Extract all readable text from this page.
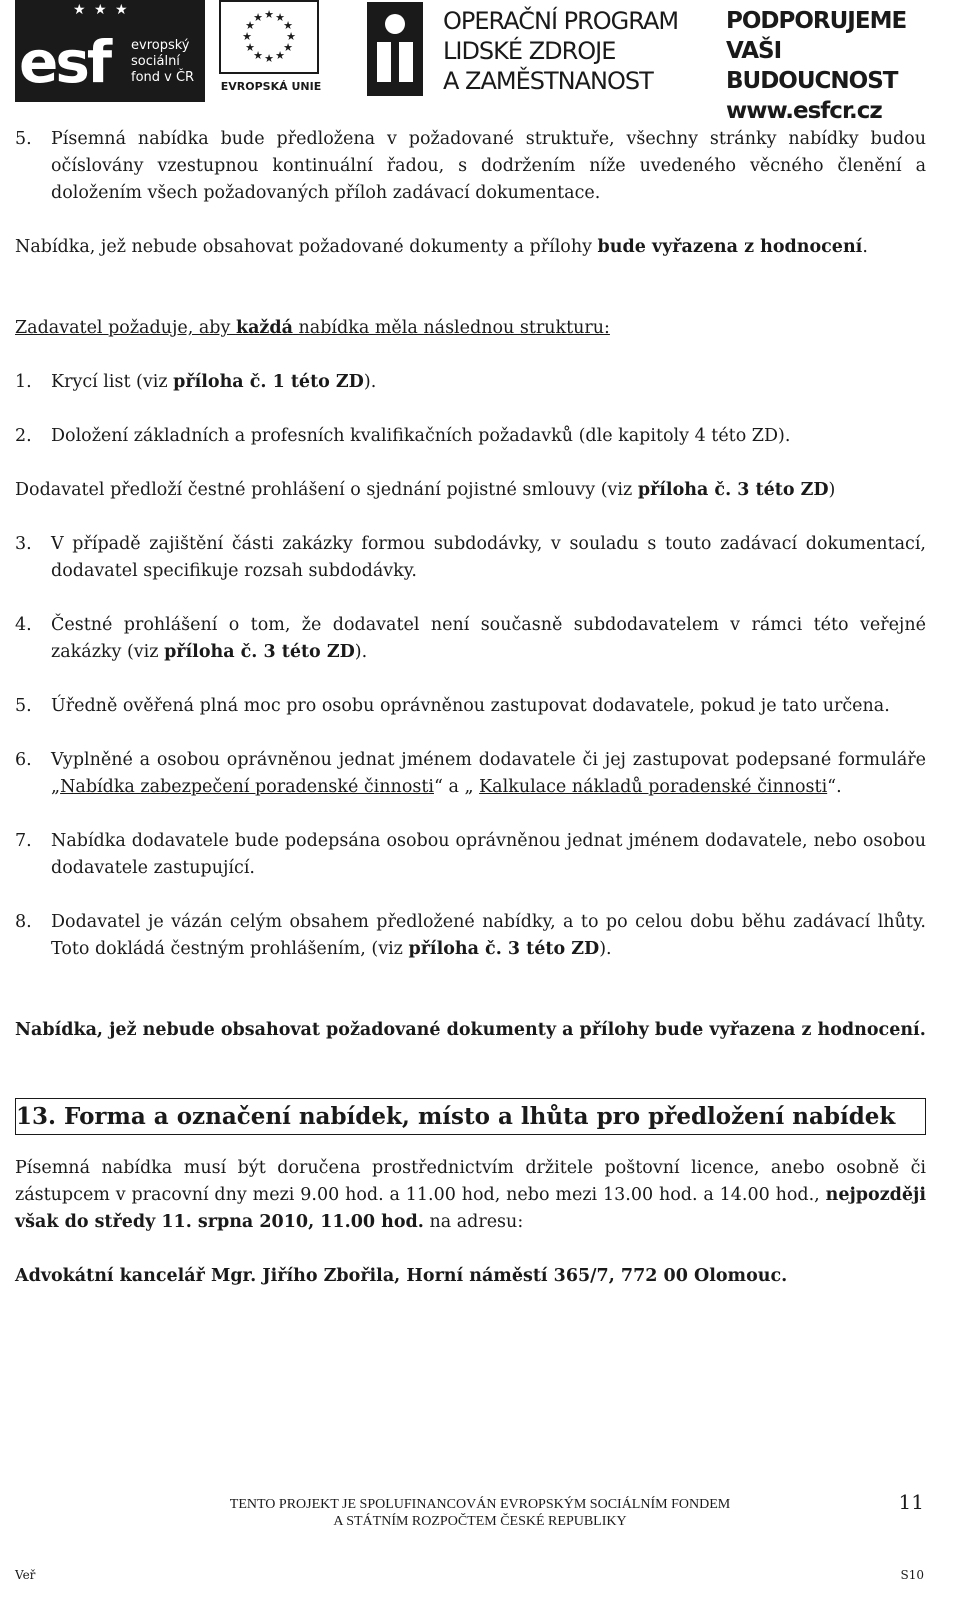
★ ★ ★
esf evropský
sociální
fond v ČR
★ ★
★
★
★
★
★
★
★
★
★
★
EVROPSKÁ UNIE
OPERAČNÍ PROGRAM
LIDSKÉ ZDROJE
A ZAMĚSTNANOST
PODPORUJEME
VAŠI BUDOUCNOST
www.esfcr.cz

5. Písemná nabídka bude předložena v požadované struktuře, všechny stránky nabídky budou očíslovány vzestupnou kontinuální řadou, s dodržením níže uvedeného věcného členění a doložením všech požadovaných příloh zadávací dokumentace.

Nabídka, jež nebude obsahovat požadované dokumenty a přílohy bude vyřazena z hodnocení.

Zadavatel požaduje, aby každá nabídka měla následnou strukturu:

1. Krycí list (viz příloha č. 1 této ZD).

2. Doložení základních a profesních kvalifikačních požadavků (dle kapitoly 4 této ZD).

Dodavatel předloží čestné prohlášení o sjednání pojistné smlouvy (viz příloha č. 3 této ZD)

3. V případě zajištění části zakázky formou subdodávky, v souladu s touto zadávací dokumentací, dodavatel specifikuje rozsah subdodávky.

4. Čestné prohlášení o tom, že dodavatel není současně subdodavatelem v rámci této veřejné zakázky (viz příloha č. 3 této ZD).

5. Úředně ověřená plná moc pro osobu oprávněnou zastupovat dodavatele, pokud je tato určena.

6. Vyplněné a osobou oprávněnou jednat jménem dodavatele či jej zastupovat podepsané formuláře „Nabídka zabezpečení poradenské činnosti“ a „ Kalkulace nákladů poradenské činnosti“.

7. Nabídka dodavatele bude podepsána osobou oprávněnou jednat jménem dodavatele, nebo osobou dodavatele zastupující.

8. Dodavatel je vázán celým obsahem předložené nabídky, a to po celou dobu běhu zadávací lhůty. Toto dokládá čestným prohlášením, (viz příloha č. 3 této ZD).

Nabídka, jež nebude obsahovat požadované dokumenty a přílohy bude vyřazena z hodnocení.

13. Forma a označení nabídek, místo a lhůta pro předložení nabídek

Písemná nabídka musí být doručena prostřednictvím držitele poštovní licence, anebo osobně či zástupcem v pracovní dny mezi 9.00 hod. a 11.00 hod, nebo mezi 13.00 hod. a 14.00 hod., nejpozději však do středy 11. srpna 2010, 11.00 hod. na adresu:

Advokátní kancelář Mgr. Jiřího Zbořila, Horní náměstí 365/7, 772 00 Olomouc.

TENTO PROJEKT JE SPOLUFINANCOVÁN EVROPSKÝM SOCIÁLNÍM FONDEM
A STÁTNÍM ROZPOČTEM ČESKÉ REPUBLIKY
11
Veř	S10
